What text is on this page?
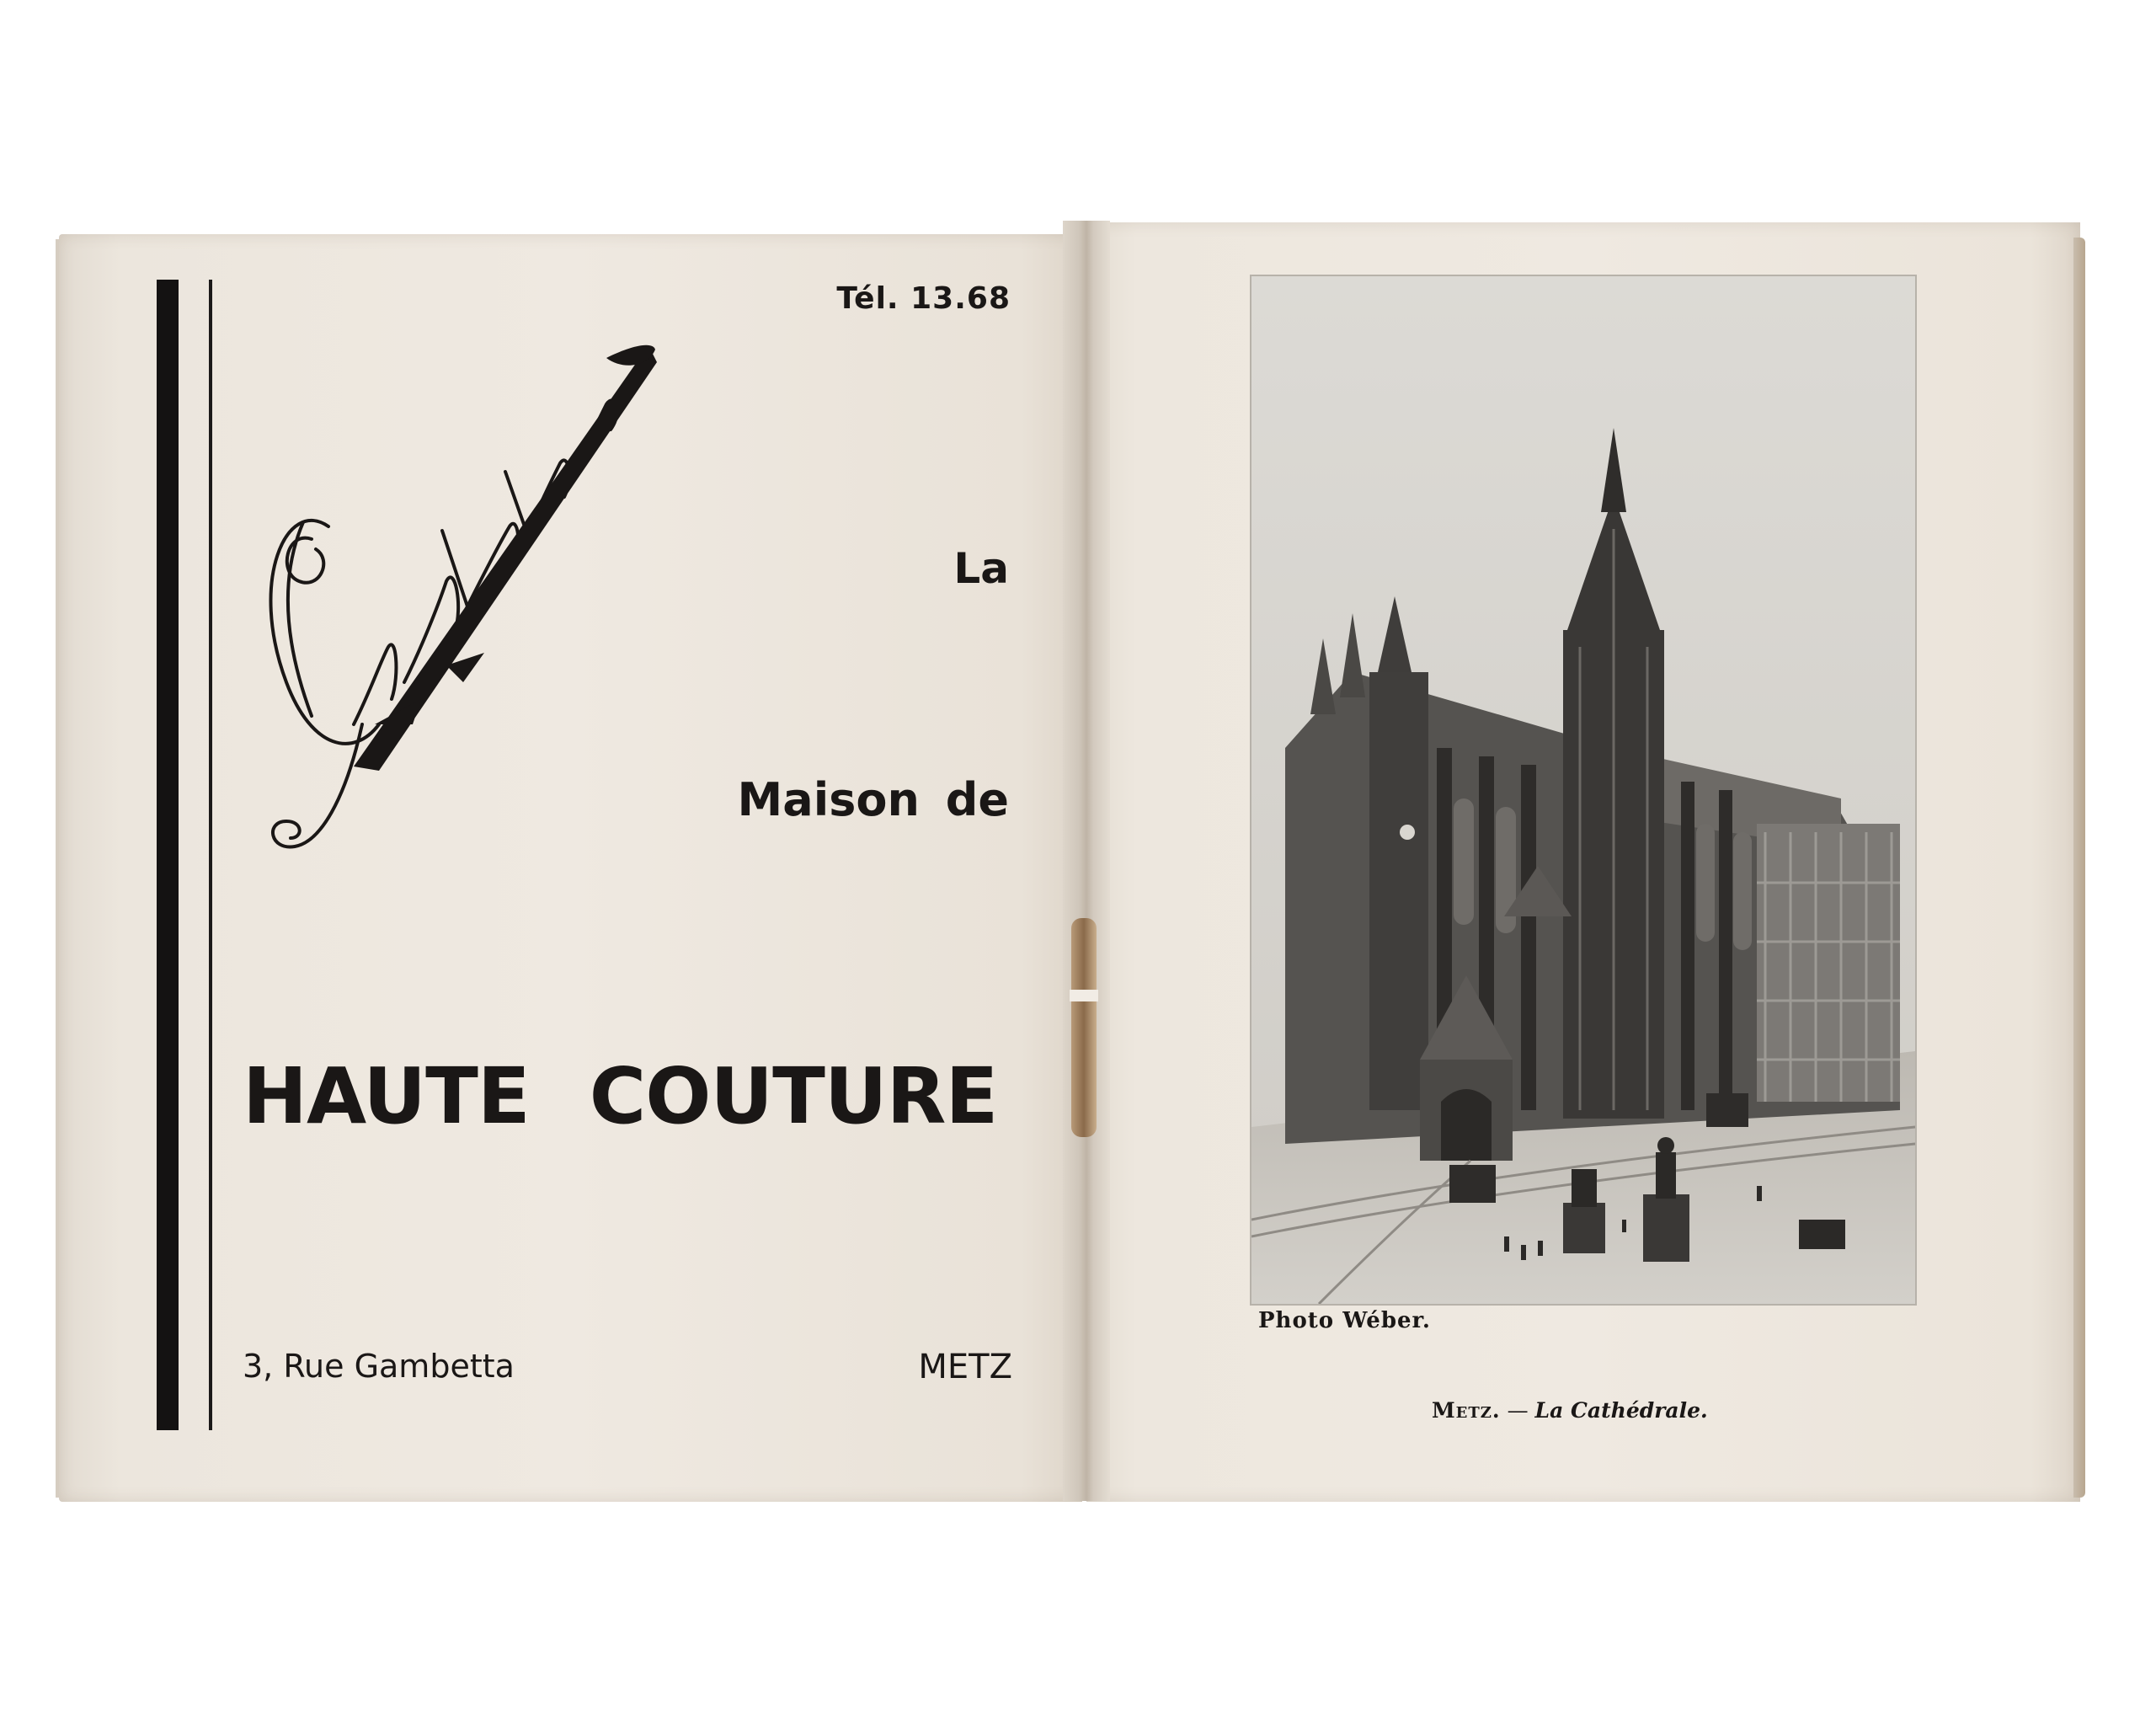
Tél. 13.68
La
Maison de
HAUTE COUTURE
3, Rue Gambetta	METZ
Photo Wéber.
Metz. — La Cathédrale.
